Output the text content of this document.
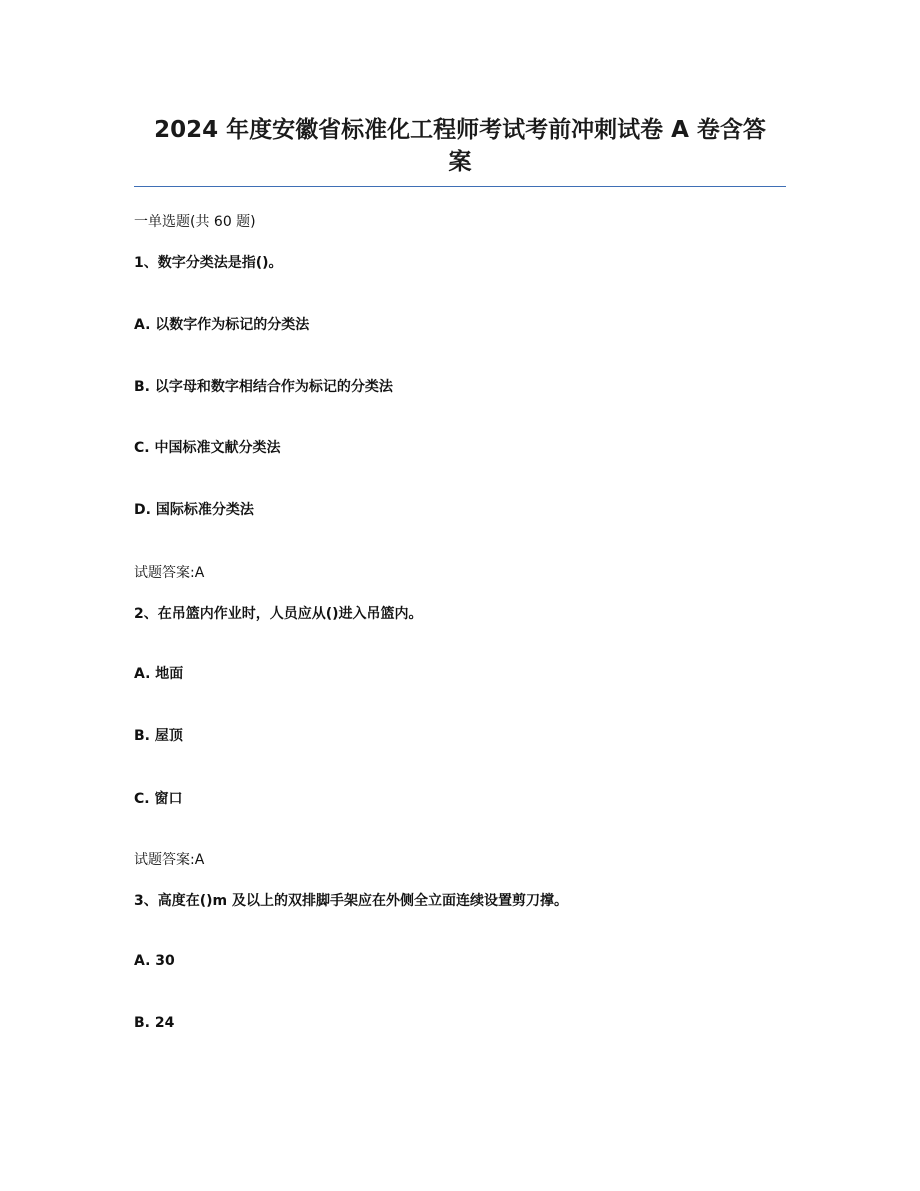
2024 年度安徽省标准化工程师考试考前冲刺试卷 A 卷含答
案
一单选题(共 60 题)
1、数字分类法是指()。
A. 以数字作为标记的分类法
B. 以字母和数字相结合作为标记的分类法
C. 中国标准文献分类法
D. 国际标准分类法
试题答案:A
2、在吊篮内作业时，人员应从()进入吊篮内。
A. 地面
B. 屋顶
C. 窗口
试题答案:A
3、高度在()m 及以上的双排脚手架应在外侧全立面连续设置剪刀撑。
A. 30
B. 24
